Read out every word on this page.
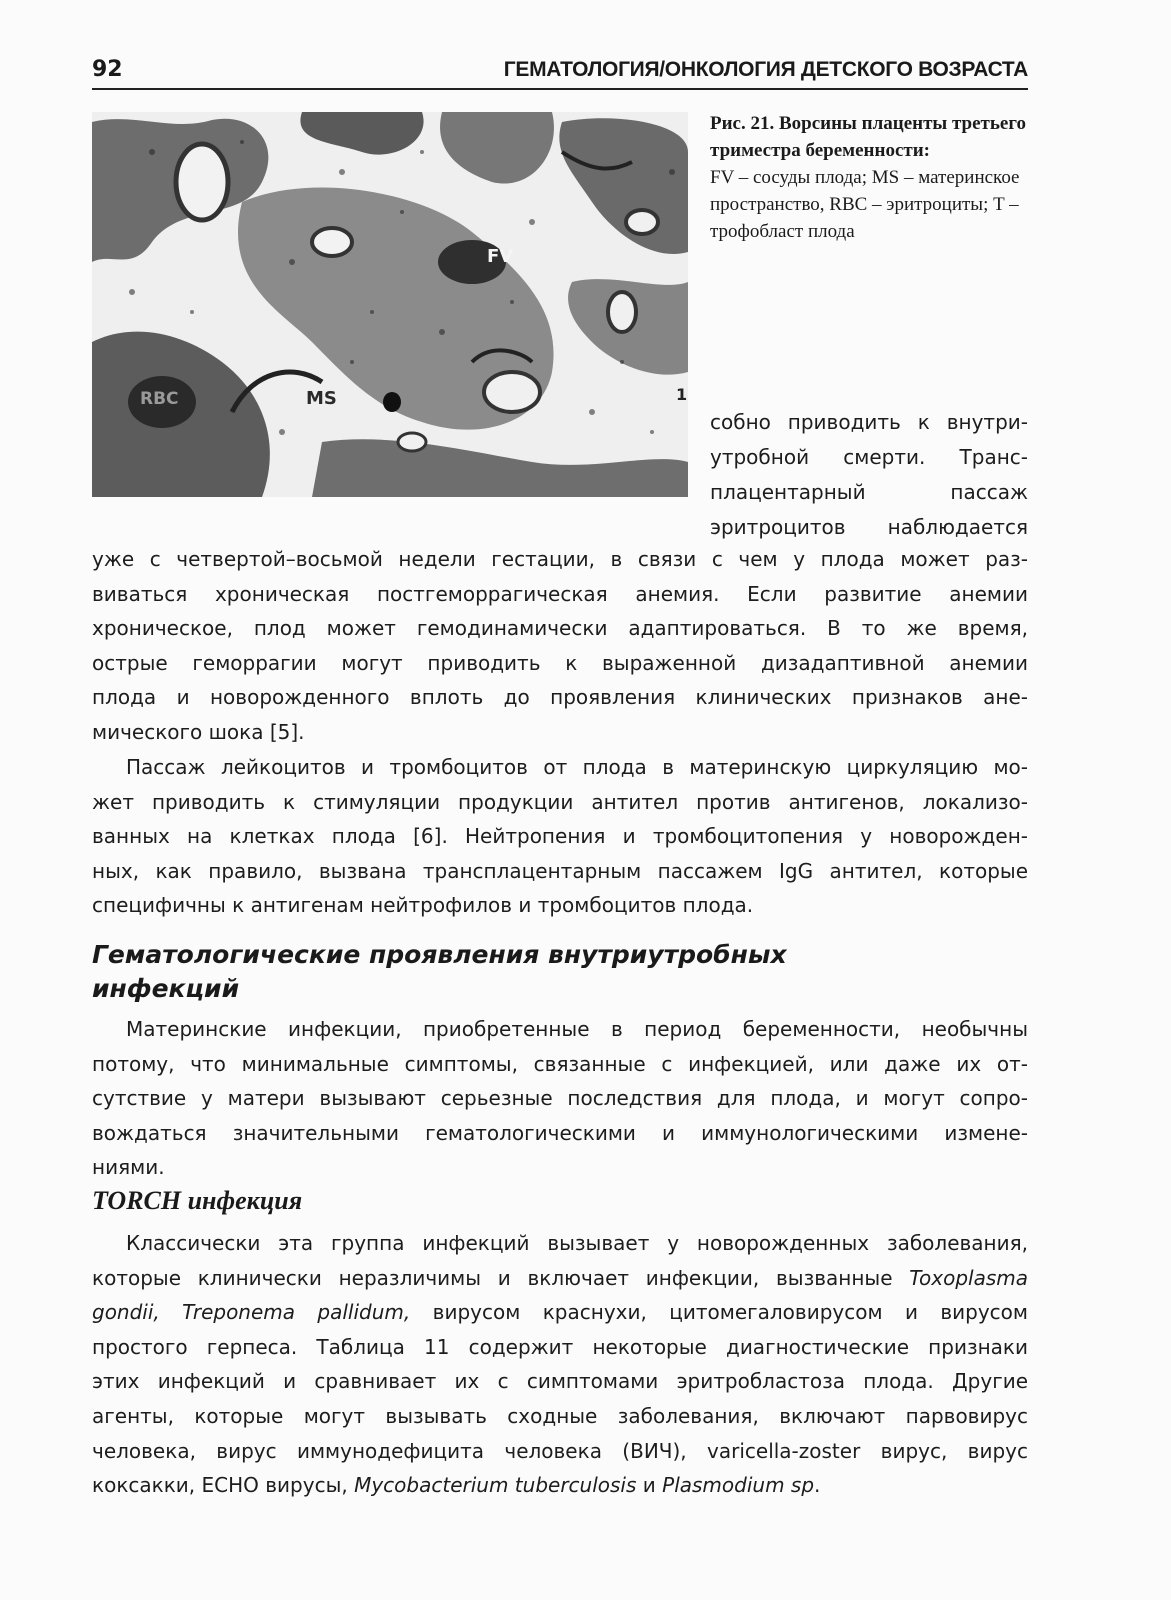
92	ГЕМАТОЛОГИЯ/ОНКОЛОГИЯ ДЕТСКОГО ВОЗРАСТА
FV
MS
RBC	1
Рис. 21. Ворсины плаценты третьего триместра беременности:
FV – сосуды плода; MS – материнское пространство, RBC – эритроциты; T – трофобласт плода
собно приводить к внутри-
утробной смерти. Транс-
плацентарный пассаж
эритроцитов наблюдается
уже с четвертой–восьмой недели гестации, в связи с чем у плода может раз-
виваться хроническая постгеморрагическая анемия. Если развитие анемии
хроническое, плод может гемодинамически адаптироваться. В то же время,
острые геморрагии могут приводить к выраженной дизадаптивной анемии
плода и новорожденного вплоть до проявления клинических признаков ане-
мического шока [5].
Пассаж лейкоцитов и тромбоцитов от плода в материнскую циркуляцию мо-
жет приводить к стимуляции продукции антител против антигенов, локализо-
ванных на клетках плода [6]. Нейтропения и тромбоцитопения у новорожден-
ных, как правило, вызвана трансплацентарным пассажем IgG антител, которые
специфичны к антигенам нейтрофилов и тромбоцитов плода.
Гематологические проявления внутриутробных
инфекций
Материнские инфекции, приобретенные в период беременности, необычны
потому, что минимальные симптомы, связанные с инфекцией, или даже их от-
сутствие у матери вызывают серьезные последствия для плода, и могут сопро-
вождаться значительными гематологическими и иммунологическими измене-
ниями.
TORCH инфекция
Классически эта группа инфекций вызывает у новорожденных заболевания,
которые клинически неразличимы и включает инфекции, вызванные Toxoplasma
gondii, Treponema pallidum, вирусом краснухи, цитомегаловирусом и вирусом
простого герпеса. Таблица 11 содержит некоторые диагностические признаки
этих инфекций и сравнивает их с симптомами эритробластоза плода. Другие
агенты, которые могут вызывать сходные заболевания, включают парвовирус
человека, вирус иммунодефицита человека (ВИЧ), varicella-zoster вирус, вирус
коксакки, ECHO вирусы, Mycobacterium tuberculosis и Plasmodium sp.
